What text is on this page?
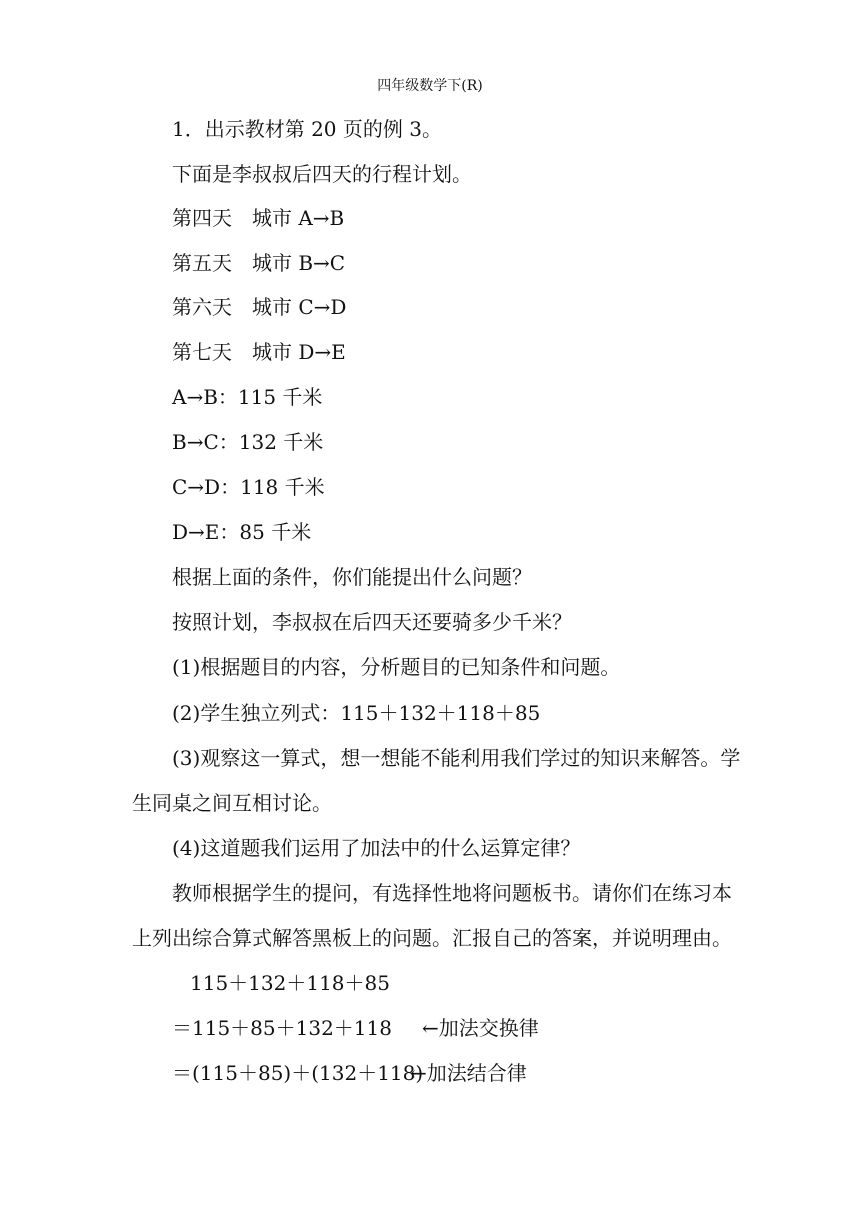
四年级数学下(R)
1．出示教材第 20 页的例 3。
下面是李叔叔后四天的行程计划。
第四天　城市 A→B
第五天　城市 B→C
第六天　城市 C→D
第七天　城市 D→E
A→B：115 千米
B→C：132 千米
C→D：118 千米
D→E：85 千米
根据上面的条件，你们能提出什么问题？
按照计划，李叔叔在后四天还要骑多少千米？
(1)根据题目的内容，分析题目的已知条件和问题。
(2)学生独立列式：115＋132＋118＋85
(3)观察这一算式，想一想能不能利用我们学过的知识来解答。学
生同桌之间互相讨论。
(4)这道题我们运用了加法中的什么运算定律？
教师根据学生的提问，有选择性地将问题板书。请你们在练习本
上列出综合算式解答黑板上的问题。汇报自己的答案，并说明理由。
115＋132＋118＋85
＝115＋85＋132＋118 ←加法交换律
＝(115＋85)＋(132＋118)
←加法结合律
